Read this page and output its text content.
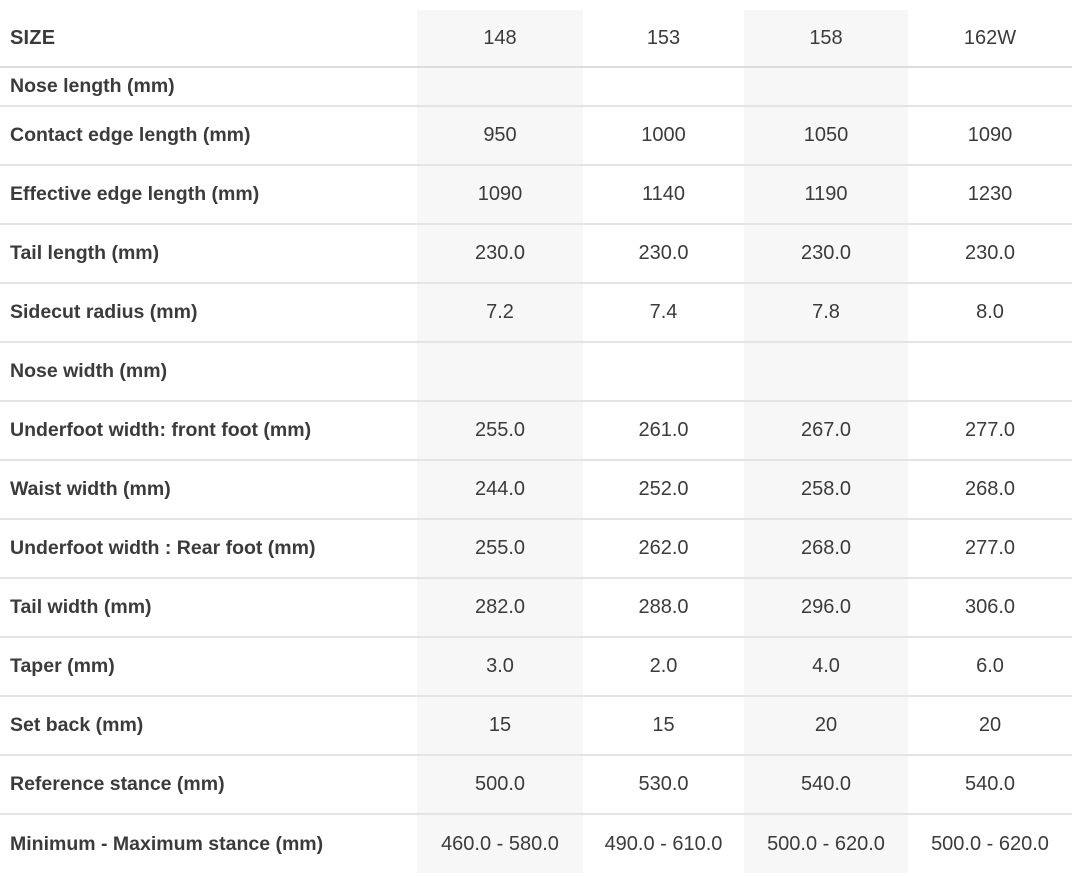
SIZE	148	153	158	162W
Nose length (mm)				
Contact edge length (mm)	950	1000	1050	1090
Effective edge length (mm)	1090	1140	1190	1230
Tail length (mm)	230.0	230.0	230.0	230.0
Sidecut radius (mm)	7.2	7.4	7.8	8.0
Nose width (mm)				
Underfoot width: front foot (mm)	255.0	261.0	267.0	277.0
Waist width (mm)	244.0	252.0	258.0	268.0
Underfoot width : Rear foot (mm)	255.0	262.0	268.0	277.0
Tail width (mm)	282.0	288.0	296.0	306.0
Taper (mm)	3.0	2.0	4.0	6.0
Set back (mm)	15	15	20	20
Reference stance (mm)	500.0	530.0	540.0	540.0
Minimum - Maximum stance (mm)	460.0 - 580.0	490.0 - 610.0	500.0 - 620.0	500.0 - 620.0
